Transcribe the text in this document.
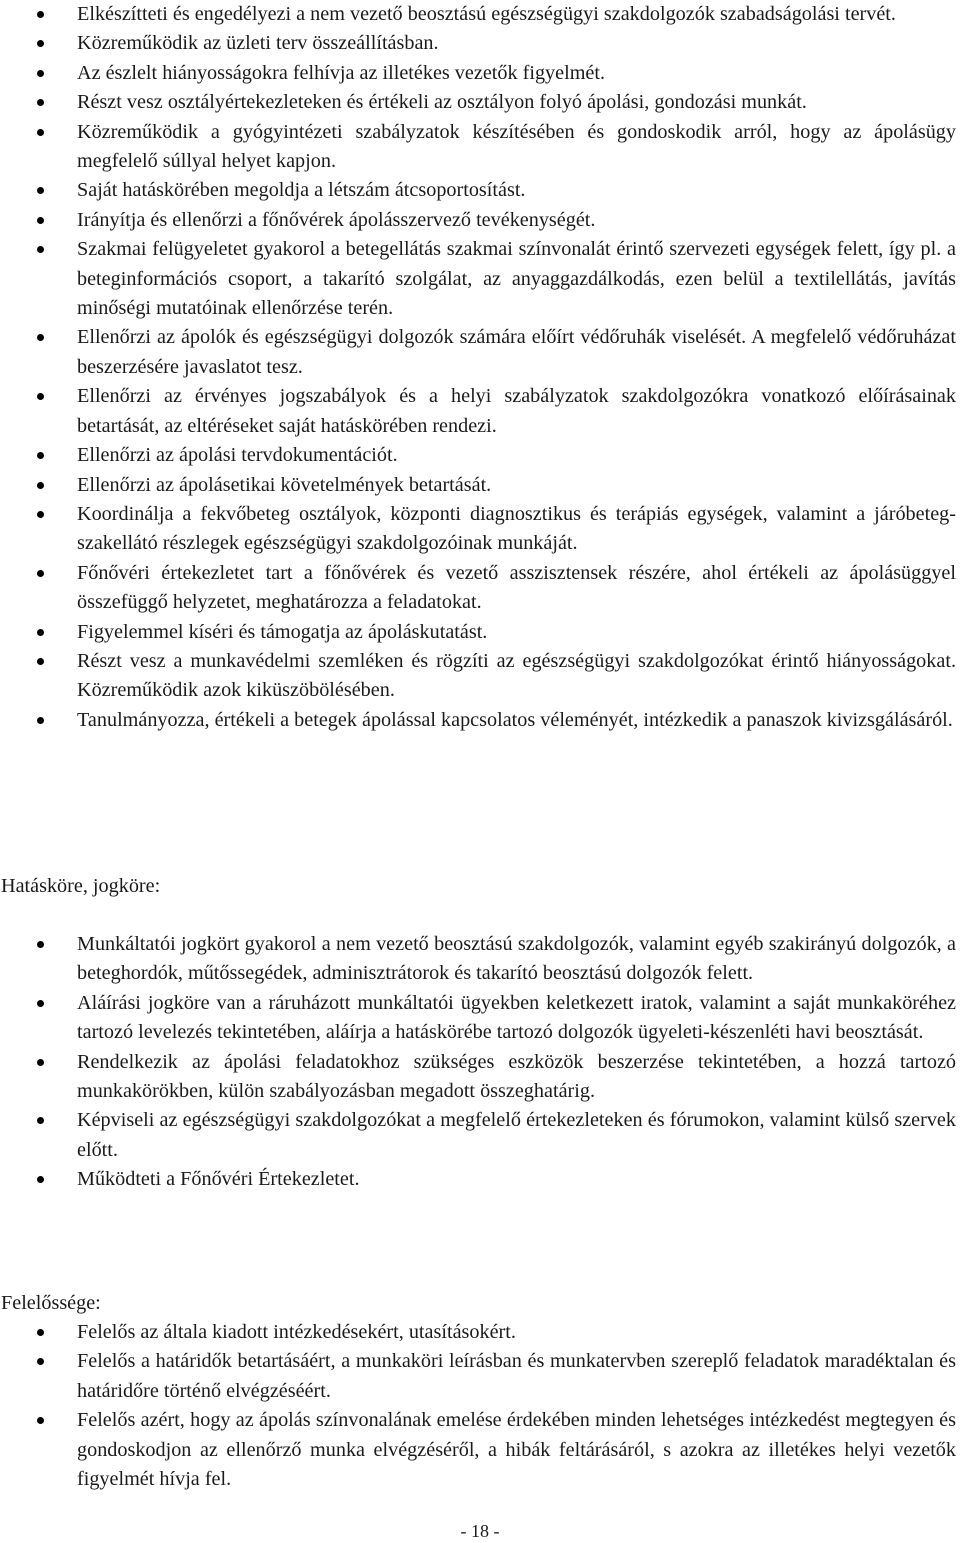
Elkészítteti és engedélyezi a nem vezető beosztású egészségügyi szakdolgozók szabadságolási tervét.
Közreműködik az üzleti terv összeállításban.
Az észlelt hiányosságokra felhívja az illetékes vezetők figyelmét.
Részt vesz osztályértekezleteken és értékeli az osztályon folyó ápolási, gondozási munkát.
Közreműködik a gyógyintézeti szabályzatok készítésében és gondoskodik arról, hogy az ápolásügy megfelelő súllyal helyet kapjon.
Saját hatáskörében megoldja a létszám átcsoportosítást.
Irányítja és ellenőrzi a főnővérek ápolásszervező tevékenységét.
Szakmai felügyeletet gyakorol a betegellátás szakmai színvonalát érintő szervezeti egységek felett, így pl. a beteginformációs csoport, a takarító szolgálat, az anyaggazdálkodás, ezen belül a textilellátás, javítás minőségi mutatóinak ellenőrzése terén.
Ellenőrzi az ápolók és egészségügyi dolgozók számára előírt védőruhák viselését. A megfelelő védőruházat beszerzésére javaslatot tesz.
Ellenőrzi az érvényes jogszabályok és a helyi szabályzatok szakdolgozókra vonatkozó előírásainak betartását, az eltéréseket saját hatáskörében rendezi.
Ellenőrzi az ápolási tervdokumentációt.
Ellenőrzi az ápolásetikai követelmények betartását.
Koordinálja a fekvőbeteg osztályok, központi diagnosztikus és terápiás egységek, valamint a járóbeteg-szakellátó részlegek egészségügyi szakdolgozóinak munkáját.
Főnővéri értekezletet tart a főnővérek és vezető asszisztensek részére, ahol értékeli az ápolásüggyel összefüggő helyzetet, meghatározza a feladatokat.
Figyelemmel kíséri és támogatja az ápoláskutatást.
Részt vesz a munkavédelmi szemléken és rögzíti az egészségügyi szakdolgozókat érintő hiányosságokat. Közreműködik azok kiküszöbölésében.
Tanulmányozza, értékeli a betegek ápolással kapcsolatos véleményét, intézkedik a panaszok kivizsgálásáról.
Hatásköre, jogköre:
Munkáltatói jogkört gyakorol a nem vezető beosztású szakdolgozók, valamint egyéb szakirányú dolgozók, a beteghordók, műtőssegédek, adminisztrátorok és takarító beosztású dolgozók felett.
Aláírási jogköre van a ráruházott munkáltatói ügyekben keletkezett iratok, valamint a saját munkaköréhez tartozó levelezés tekintetében, aláírja a hatáskörébe tartozó dolgozók ügyeleti-készenléti havi beosztását.
Rendelkezik az ápolási feladatokhoz szükséges eszközök beszerzése tekintetében, a hozzá tartozó munkakörökben, külön szabályozásban megadott összeghatárig.
Képviseli az egészségügyi szakdolgozókat a megfelelő értekezleteken és fórumokon, valamint külső szervek előtt.
Működteti a Főnővéri Értekezletet.
Felelőssége:
Felelős az általa kiadott intézkedésekért, utasításokért.
Felelős a határidők betartásáért, a munkaköri leírásban és munkatervben szereplő feladatok maradéktalan és határidőre történő elvégzéséért.
Felelős azért, hogy az ápolás színvonalának emelése érdekében minden lehetséges intézkedést megtegyen és gondoskodjon az ellenőrző munka elvégzéséről, a hibák feltárásáról, s azokra az illetékes helyi vezetők figyelmét hívja fel.
- 18 -
